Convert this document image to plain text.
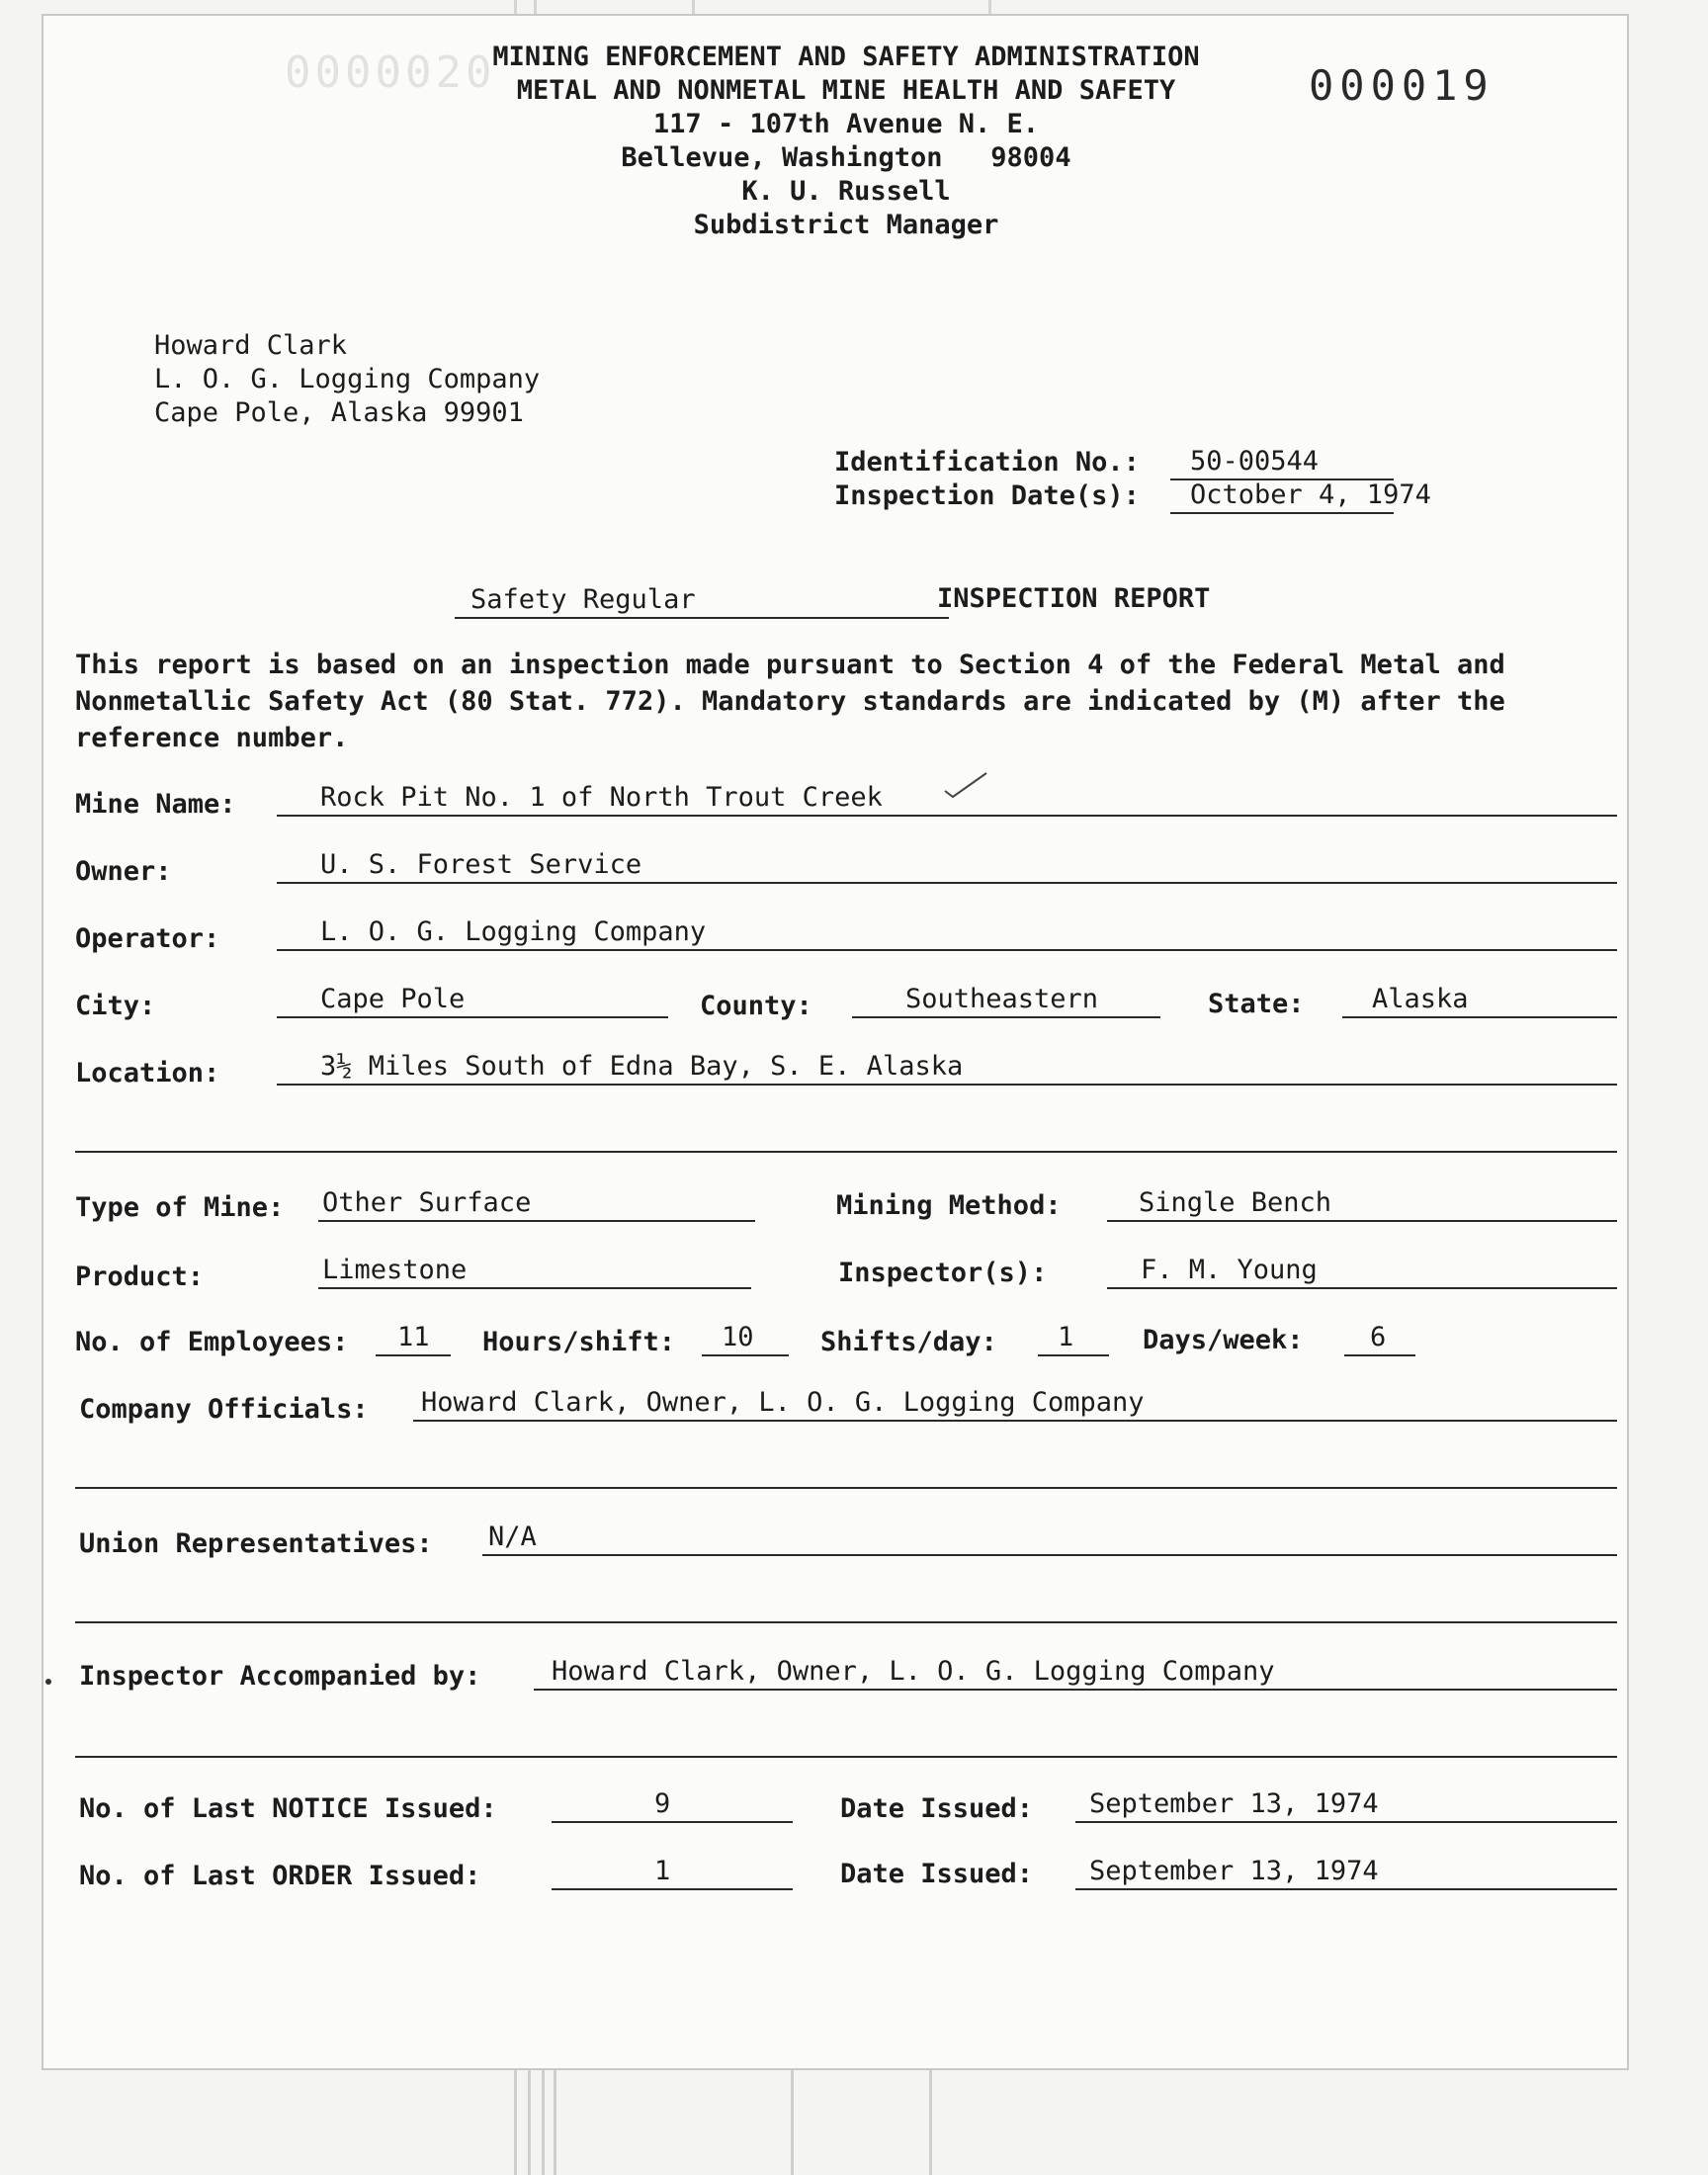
0000020	000019
MINING ENFORCEMENT AND SAFETY ADMINISTRATION
METAL AND NONMETAL MINE HEALTH AND SAFETY
117 - 107th Avenue N. E.
Bellevue, Washington   98004
K. U. Russell
Subdistrict Manager
Howard Clark
L. O. G. Logging Company
Cape Pole, Alaska 99901
Identification No.: 50-00544
Inspection Date(s): October 4, 1974
Safety Regular	INSPECTION REPORT
This report is based on an inspection made pursuant to Section 4 of the Federal Metal and Nonmetallic Safety Act (80 Stat. 772). Mandatory standards are indicated by (M) after the reference number.
Mine Name:	Rock Pit No. 1 of North Trout Creek
Owner:	U. S. Forest Service
Operator:	L. O. G. Logging Company
City:	Cape Pole	County:	Southeastern	State:	Alaska
Location:	3½ Miles South of Edna Bay, S. E. Alaska
Type of Mine: Other Surface	Mining Method:	Single Bench
Product:	Limestone	Inspector(s):	F. M. Young
No. of Employees: 11 Hours/shift: 10 Shifts/day: 1	Days/week: 6
Company Officials: Howard Clark, Owner, L. O. G. Logging Company
Union Representatives: N/A
Inspector Accompanied by:	Howard Clark, Owner, L. O. G. Logging Company
No. of Last NOTICE Issued:	9	Date Issued: September 13, 1974
No. of Last ORDER Issued:	1	Date Issued: September 13, 1974
